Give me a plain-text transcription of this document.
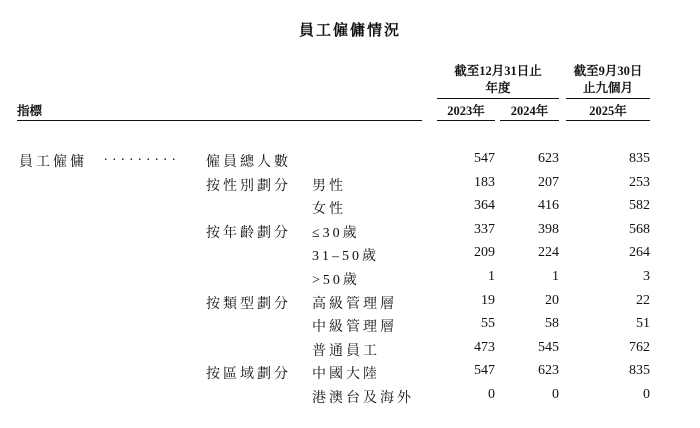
員工僱傭情況
截至12月31日止
年度
截至9月30日
止九個月
指標	2023年	2024年	2025年
員工僱傭 ......... 僱員總人數	547	623	835
按性別劃分 男性	183	207	253
女性	364	416	582
按年齡劃分 ≤30歲	337	398	568
31–50歲	209	224	264
>50歲	1	1	3
按類型劃分 高級管理層	19	20	22
中級管理層	55	58	51
普通員工	473	545	762
按區域劃分 中國大陸	547	623	835
港澳台及海外	0	0	0
